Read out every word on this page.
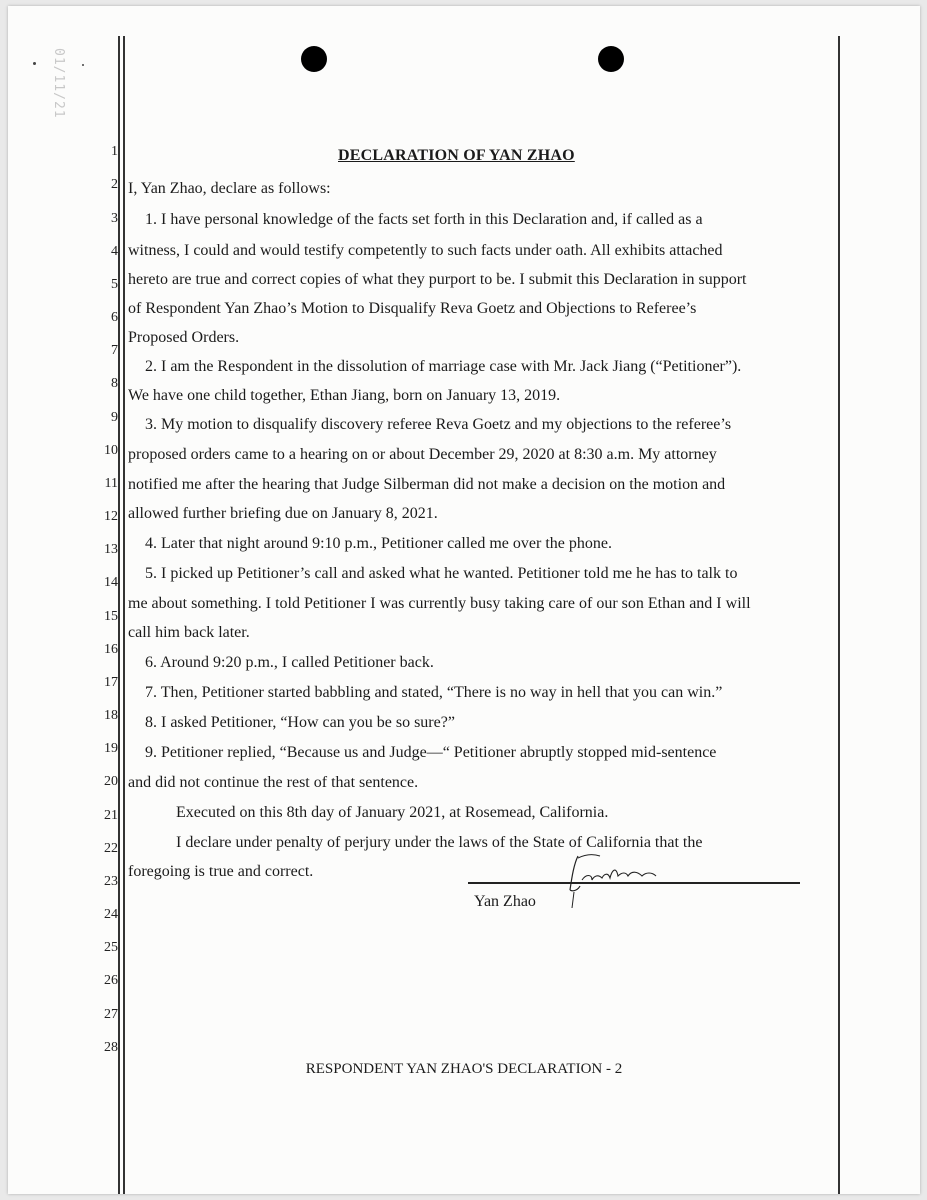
01/11/21
1
2
3
4
5
6
7
8
9
10
11
12
13
14
15
16
17
18
19
20
21
22
23
24
25
26
27
28
DECLARATION OF YAN ZHAO
I, Yan Zhao, declare as follows:
1. I have personal knowledge of the facts set forth in this Declaration and, if called as a
witness, I could and would testify competently to such facts under oath. All exhibits attached
hereto are true and correct copies of what they purport to be. I submit this Declaration in support
of Respondent Yan Zhao’s Motion to Disqualify Reva Goetz and Objections to Referee’s
Proposed Orders.
2. I am the Respondent in the dissolution of marriage case with Mr. Jack Jiang (“Petitioner”).
We have one child together, Ethan Jiang, born on January 13, 2019.
3. My motion to disqualify discovery referee Reva Goetz and my objections to the referee’s
proposed orders came to a hearing on or about December 29, 2020 at 8:30 a.m. My attorney
notified me after the hearing that Judge Silberman did not make a decision on the motion and
allowed further briefing due on January 8, 2021.
4. Later that night around 9:10 p.m., Petitioner called me over the phone.
5. I picked up Petitioner’s call and asked what he wanted. Petitioner told me he has to talk to
me about something. I told Petitioner I was currently busy taking care of our son Ethan and I will
call him back later.
6. Around 9:20 p.m., I called Petitioner back.
7. Then, Petitioner started babbling and stated, “There is no way in hell that you can win.”
8. I asked Petitioner, “How can you be so sure?”
9. Petitioner replied, “Because us and Judge—“ Petitioner abruptly stopped mid-sentence
and did not continue the rest of that sentence.
Executed on this 8th day of January 2021, at Rosemead, California.
I declare under penalty of perjury under the laws of the State of California that the
foregoing is true and correct.
Yan Zhao
RESPONDENT YAN ZHAO'S DECLARATION - 2
